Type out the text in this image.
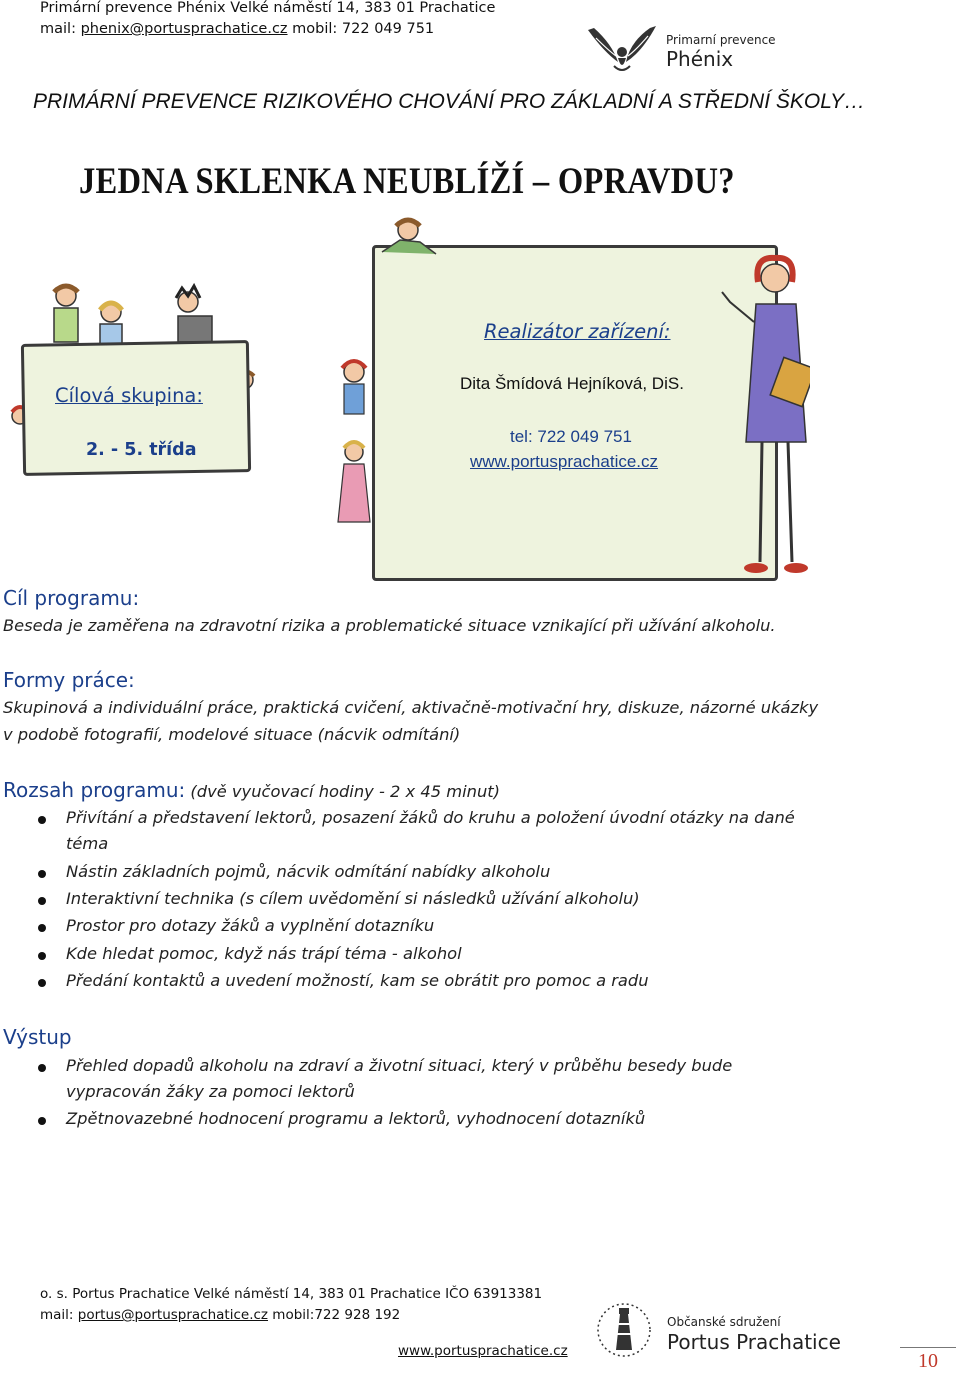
Primární prevence Phénix Velké náměstí 14, 383 01 Prachatice
mail: phenix@portusprachatice.cz mobil: 722 049 751
Primarní prevence
Phénix
PRIMÁRNÍ PREVENCE RIZIKOVÉHO CHOVÁNÍ PRO ZÁKLADNÍ A STŘEDNÍ ŠKOLY…
JEDNA SKLENKA NEUBLÍŽÍ – OPRAVDU?
Cílová skupina:
2. - 5. třída
Realizátor zařízení:
Dita Šmídová Hejníková, DiS.
tel: 722 049 751
www.portusprachatice.cz
Cíl programu:
Beseda je zaměřena na zdravotní rizika a problematické situace vznikající při užívání alkoholu.
Formy práce:
Skupinová a individuální práce, praktická cvičení, aktivačně-motivační hry, diskuze, názorné ukázky
v podobě fotografií, modelové situace (nácvik odmítání)
Rozsah programu: (dvě vyučovací hodiny - 2 x 45 minut)
Přivítání a představení lektorů, posazení žáků do kruhu a položení úvodní otázky na dané
téma
Nástin základních pojmů, nácvik odmítání nabídky alkoholu
Interaktivní technika (s cílem uvědomění si následků užívání alkoholu)
Prostor pro dotazy žáků a vyplnění dotazníku
Kde hledat pomoc, když nás trápí téma - alkohol
Předání kontaktů a uvedení možností, kam se obrátit pro pomoc a radu
Výstup
Přehled dopadů alkoholu na zdraví a životní situaci, který v průběhu besedy bude
vypracován žáky za pomoci lektorů
Zpětnovazebné hodnocení programu a lektorů, vyhodnocení dotazníků
o. s. Portus Prachatice Velké náměstí 14, 383 01 Prachatice IČO 63913381
mail: portus@portusprachatice.cz mobil:722 928 192
www.portusprachatice.cz
Občanské sdružení
Portus Prachatice
10
